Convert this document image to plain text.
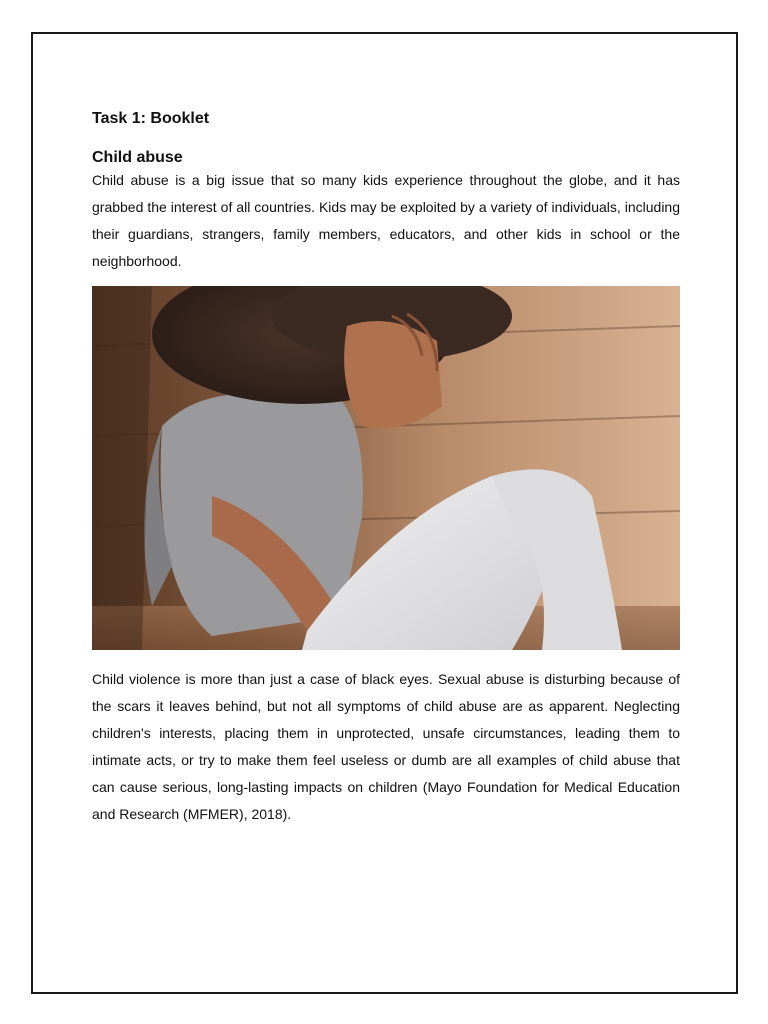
Task 1: Booklet
Child abuse

Child abuse is a big issue that so many kids experience throughout the globe, and it has grabbed the interest of all countries. Kids may be exploited by a variety of individuals, including their guardians, strangers, family members, educators, and other kids in school or the neighborhood.

Child violence is more than just a case of black eyes. Sexual abuse is disturbing because of the scars it leaves behind, but not all symptoms of child abuse are as apparent. Neglecting children's interests, placing them in unprotected, unsafe circumstances, leading them to intimate acts, or try to make them feel useless or dumb are all examples of child abuse that can cause serious, long-lasting impacts on children (Mayo Foundation for Medical Education and Research (MFMER), 2018).
